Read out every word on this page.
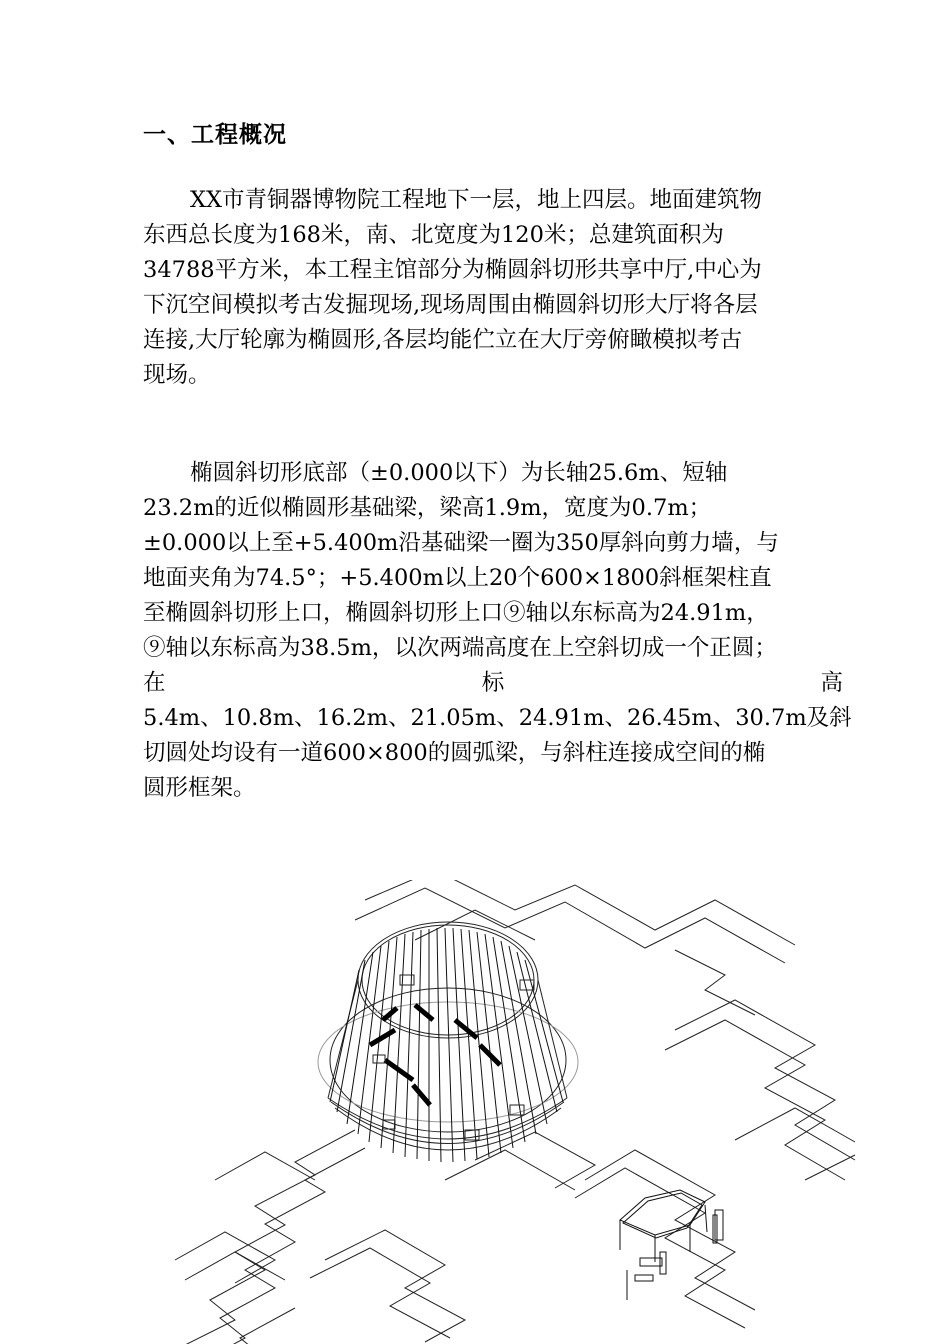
一、工程概况
XX市青铜器博物院工程地下一层，地上四层。地面建筑物
东西总长度为168米，南、北宽度为120米；总建筑面积为
34788平方米，本工程主馆部分为椭圆斜切形共享中厅,中心为
下沉空间模拟考古发掘现场,现场周围由椭圆斜切形大厅将各层
连接,大厅轮廓为椭圆形,各层均能伫立在大厅旁俯瞰模拟考古
现场。
椭圆斜切形底部（±0.000以下）为长轴25.6m、短轴
23.2m的近似椭圆形基础梁，梁高1.9m，宽度为0.7m；
±0.000以上至+5.400m沿基础梁一圈为350厚斜向剪力墙，与
地面夹角为74.5°；+5.400m以上20个600×1800斜框架柱直
至椭圆斜切形上口，椭圆斜切形上口⑨轴以东标高为24.91m，
⑨轴以东标高为38.5m，以次两端高度在上空斜切成一个正圆；
在	标	高
5.4m、10.8m、16.2m、21.05m、24.91m、26.45m、30.7m及斜
切圆处均设有一道600×800的圆弧梁，与斜柱连接成空间的椭
圆形框架。
